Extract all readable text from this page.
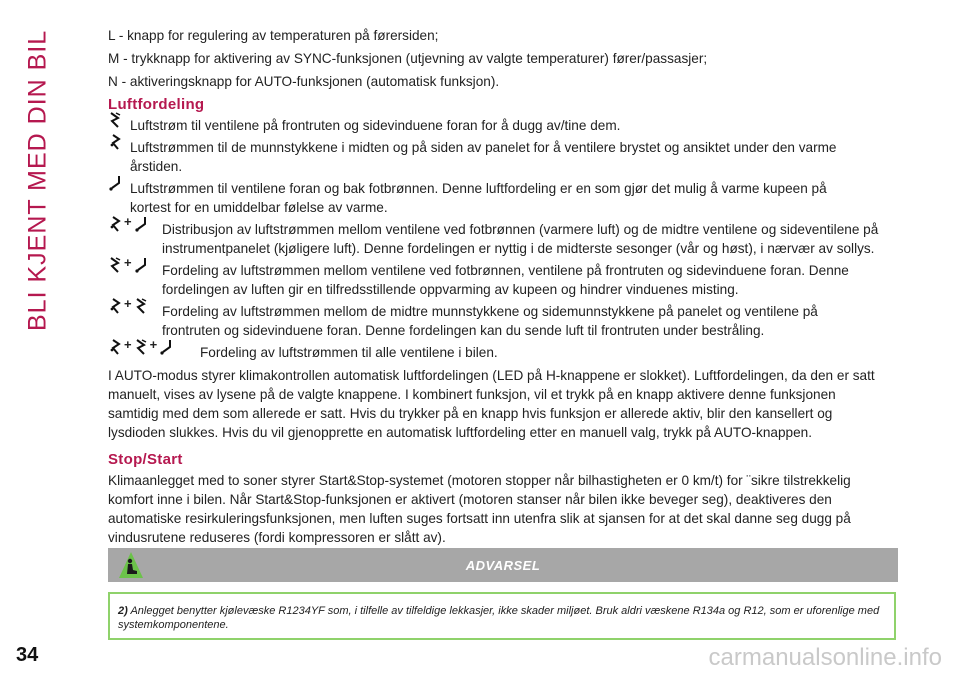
BLI KJENT MED DIN BIL	L - knapp for regulering av temperaturen på førersiden;

M - trykknapp for aktivering av SYNC-funksjonen (utjevning av valgte temperaturer) fører/passasjer;

N - aktiveringsknapp for AUTO-funksjonen (automatisk funksjon).

Luftfordeling
Luftstrøm til ventilene på frontruten og sidevinduene foran for å dugg av/tine dem.
Luftstrømmen til de munnstykkene i midten og på siden av panelet for å ventilere brystet og ansiktet under den varme
årstiden.
Luftstrømmen til ventilene foran og bak fotbrønnen. Denne luftfordeling er en som gjør det mulig å varme kupeen på
kortest for en umiddelbar følelse av varme.
+
Distribusjon av luftstrømmen mellom ventilene ved fotbrønnen (varmere luft) og de midtre ventilene og sideventilene på
instrumentpanelet (kjøligere luft). Denne fordelingen er nyttig i de midterste sesonger (vår og høst), i nærvær av sollys.
+
Fordeling av luftstrømmen mellom ventilene ved fotbrønnen, ventilene på frontruten og sidevinduene foran. Denne
fordelingen av luften gir en tilfredsstillende oppvarming av kupeen og hindrer vinduenes misting.
+
Fordeling av luftstrømmen mellom de midtre munnstykkene og sidemunnstykkene på panelet og ventilene på
frontruten og sidevinduene foran. Denne fordelingen kan du sende luft til frontruten under bestråling.
+ +
Fordeling av luftstrømmen til alle ventilene i bilen.
I AUTO-modus styrer klimakontrollen automatisk luftfordelingen (LED på H-knappene er slokket). Luftfordelingen, da den er satt
manuelt, vises av lysene på de valgte knappene. I kombinert funksjon, vil et trykk på en knapp aktivere denne funksjonen
samtidig med dem som allerede er satt. Hvis du trykker på en knapp hvis funksjon er allerede aktiv, blir den kansellert og
lysdioden slukkes. Hvis du vil gjenopprette en automatisk luftfordeling etter en manuell valg, trykk på AUTO-knappen.
Stop/Start
Klimaanlegget med to soner styrer Start&Stop-systemet (motoren stopper når bilhastigheten er 0 km/t) for ¨sikre tilstrekkelig
komfort inne i bilen. Når Start&Stop-funksjonen er aktivert (motoren stanser når bilen ikke beveger seg), deaktiveres den
automatiske resirkuleringsfunksjonen, men luften suges fortsatt inn utenfra slik at sjansen for at det skal danne seg dugg på
vindusrutene reduseres (fordi kompressoren er slått av).
ADVARSEL
2) Anlegget benytter kjølevæske R1234YF som, i tilfelle av tilfeldige lekkasjer, ikke skader miljøet. Bruk aldri væskene R134a og R12, som er uforenlige med systemkomponentene.
34	carmanualsonline.info
